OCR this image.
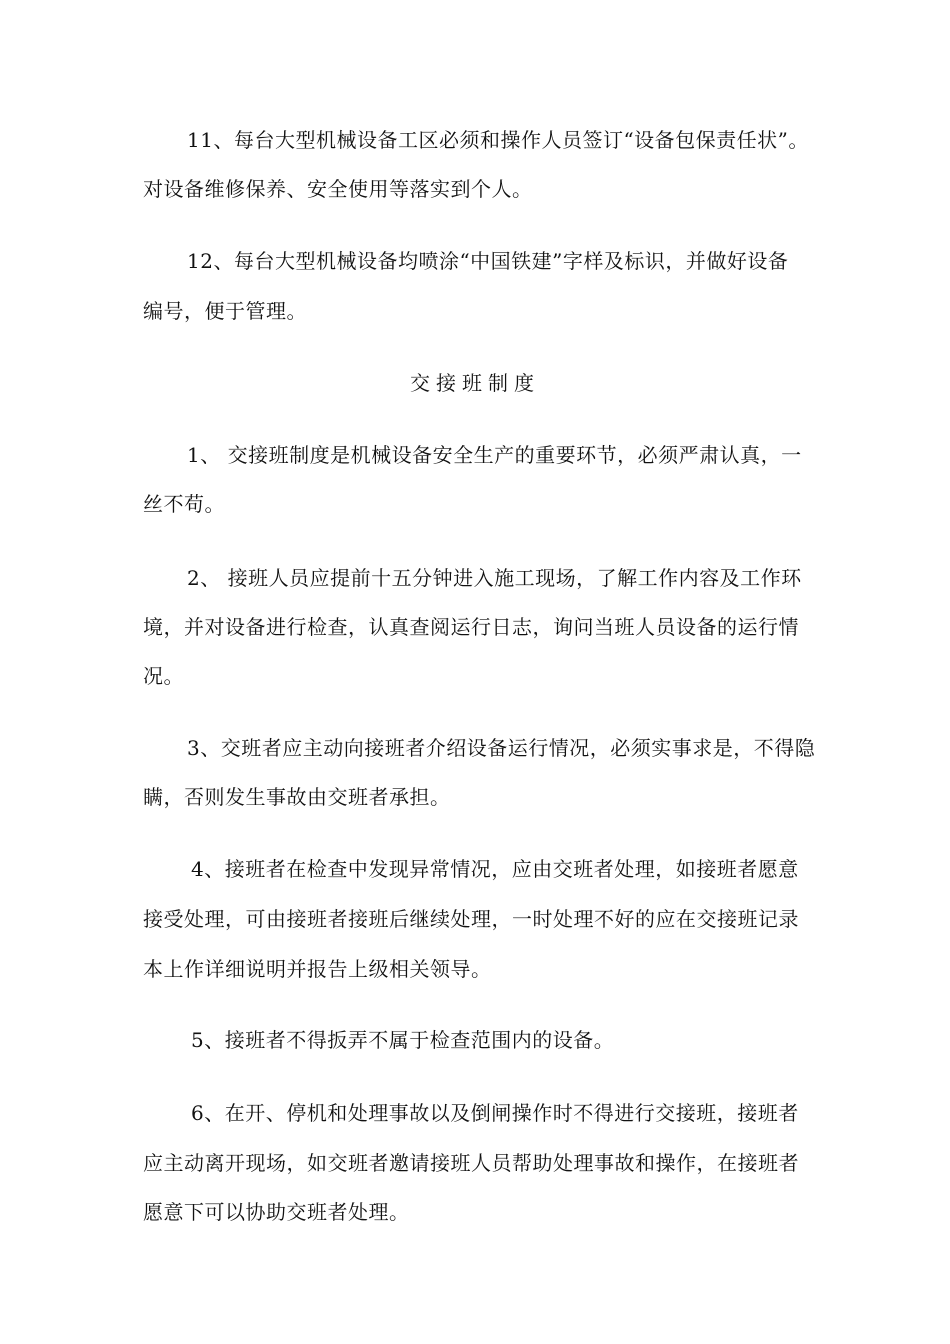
11、每台大型机械设备工区必须和操作人员签订“设备包保责任状”。
对设备维修保养、安全使用等落实到个人。
12、每台大型机械设备均喷涂“中国铁建”字样及标识，并做好设备
编号，便于管理。
交接班制度
1、 交接班制度是机械设备安全生产的重要环节，必须严肃认真，一
丝不苟。
2、 接班人员应提前十五分钟进入施工现场，了解工作内容及工作环
境，并对设备进行检查，认真查阅运行日志，询问当班人员设备的运行情
况。
3、交班者应主动向接班者介绍设备运行情况，必须实事求是，不得隐
瞒，否则发生事故由交班者承担。
4、接班者在检查中发现异常情况，应由交班者处理，如接班者愿意
接受处理，可由接班者接班后继续处理，一时处理不好的应在交接班记录
本上作详细说明并报告上级相关领导。
5、接班者不得扳弄不属于检查范围内的设备。
6、在开、停机和处理事故以及倒闸操作时不得进行交接班，接班者
应主动离开现场，如交班者邀请接班人员帮助处理事故和操作，在接班者
愿意下可以协助交班者处理。
